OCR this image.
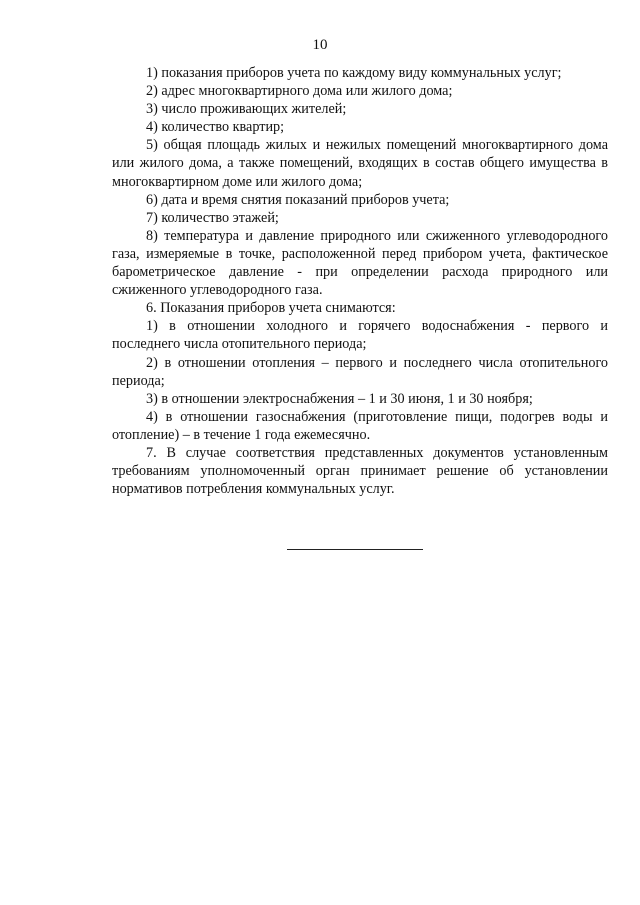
10

1) показания приборов учета по каждому виду коммунальных услуг;

2) адрес многоквартирного дома или жилого дома;

3) число проживающих жителей;

4) количество квартир;

5) общая площадь жилых и нежилых помещений многоквартирного дома или жилого дома, а также помещений, входящих в состав общего имущества в многоквартирном доме или жилого дома;

6) дата и время снятия показаний приборов учета;

7) количество этажей;

8) температура и давление природного или сжиженного углеводородного газа, измеряемые в точке, расположенной перед прибором учета, фактическое барометрическое давление - при определении расхода природного или сжиженного углеводородного газа.

6. Показания приборов учета снимаются:

1) в отношении холодного и горячего водоснабжения - первого и последнего числа отопительного периода;

2) в отношении отопления – первого и последнего числа отопительного периода;

3) в отношении электроснабжения – 1 и 30 июня, 1 и 30 ноября;

4) в отношении газоснабжения (приготовление пищи, подогрев воды и отопление) – в течение 1 года ежемесячно.

7. В случае соответствия представленных документов установленным требованиям уполномоченный орган принимает решение об установлении нормативов потребления коммунальных услуг.
